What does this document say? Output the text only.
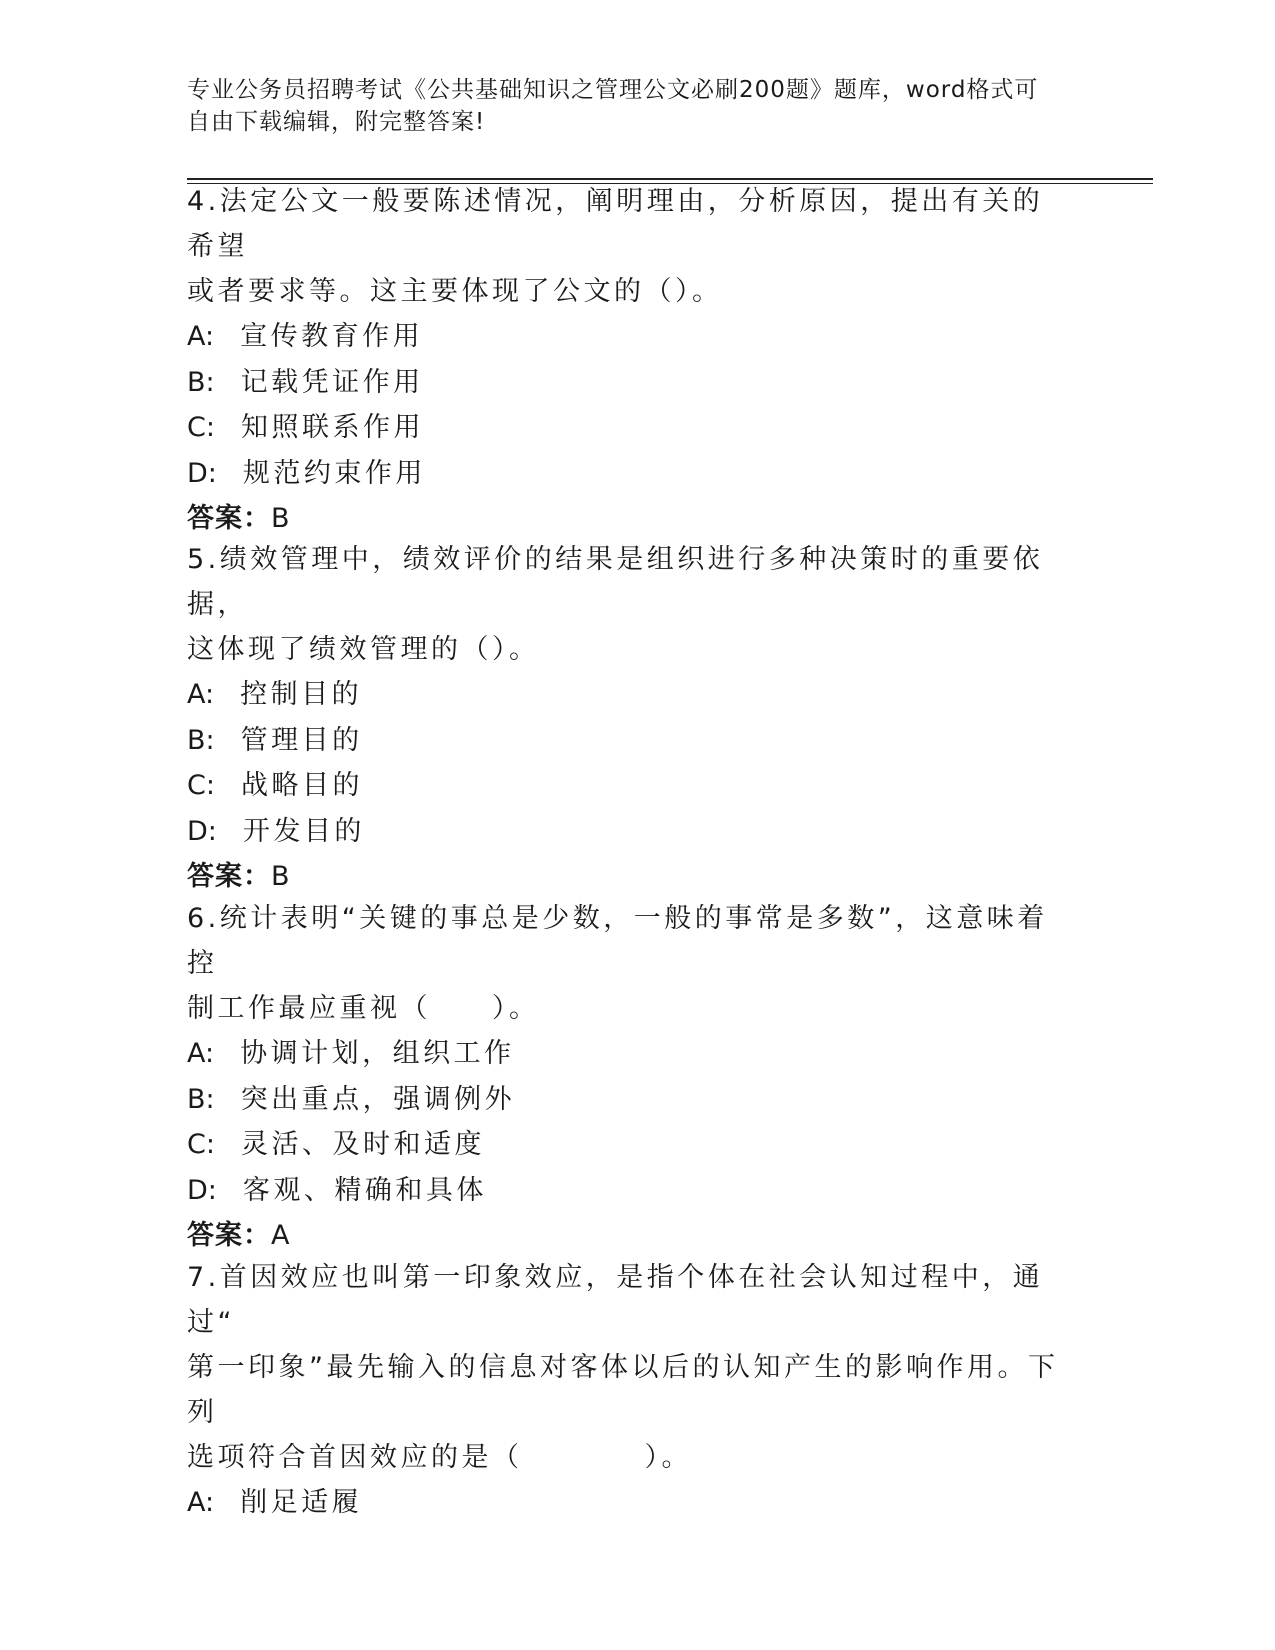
专业公务员招聘考试《公共基础知识之管理公文必刷200题》题库，word格式可
自由下载编辑，附完整答案!
4.法定公文一般要陈述情况，阐明理由，分析原因，提出有关的希望
或者要求等。这主要体现了公文的（）。
A: 宣传教育作用
B: 记载凭证作用
C: 知照联系作用
D: 规范约束作用
答案：B
5.绩效管理中，绩效评价的结果是组织进行多种决策时的重要依据，
这体现了绩效管理的（）。
A: 控制目的
B: 管理目的
C: 战略目的
D: 开发目的
答案：B
6.统计表明“关键的事总是少数，一般的事常是多数”，这意味着控
制工作最应重视（　　）。
A: 协调计划，组织工作
B: 突出重点，强调例外
C: 灵活、及时和适度
D: 客观、精确和具体
答案：A
7.首因效应也叫第一印象效应，是指个体在社会认知过程中，通过“
第一印象”最先输入的信息对客体以后的认知产生的影响作用。下列
选项符合首因效应的是（　　　　）。
A: 削足适履
